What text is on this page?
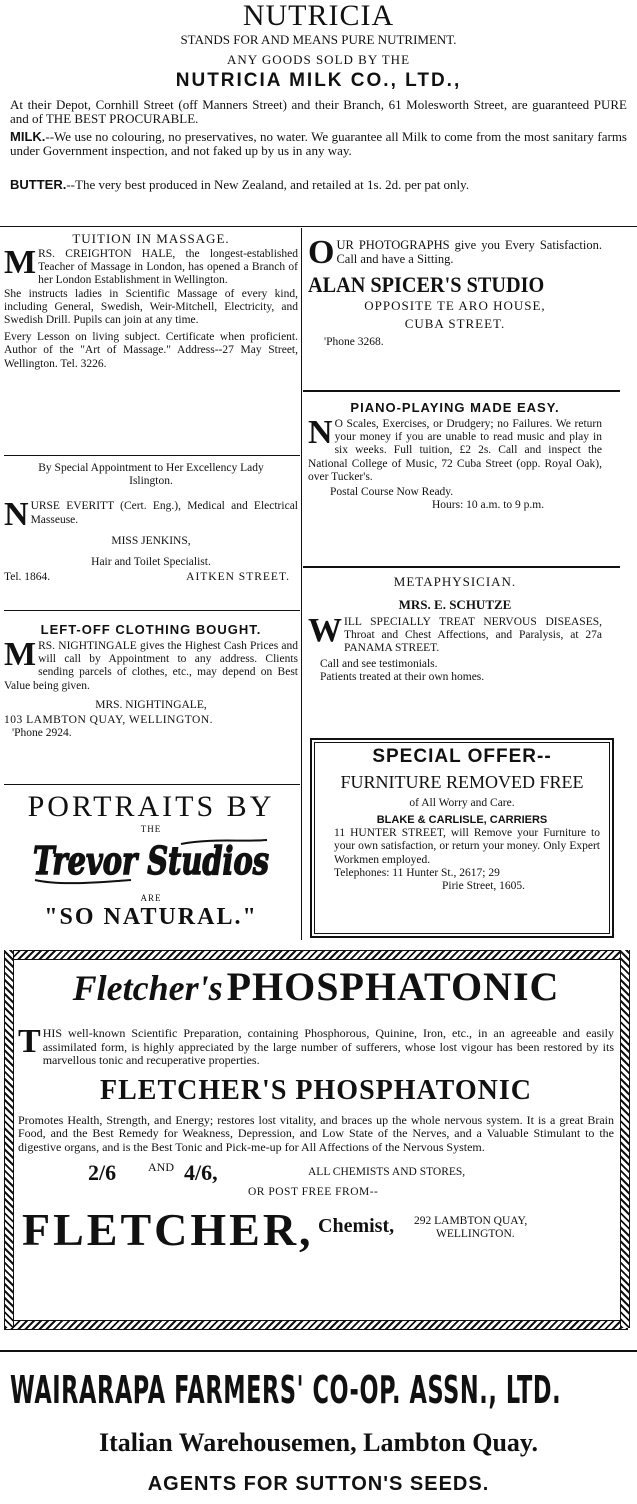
NUTRICIA
STANDS FOR AND MEANS PURE NUTRIMENT.
ANY GOODS SOLD BY THE
NUTRICIA MILK CO., LTD.,

At their Depot, Cornhill Street (off Manners Street) and their Branch, 61 Molesworth Street, are guaranteed PURE and of THE BEST PROCURABLE.

MILK.--We use no colouring, no preservatives, no water. We guarantee all Milk to come from the most sanitary farms under Government inspection, and not faked up by us in any way.

BUTTER.--The very best produced in New Zealand, and retailed at 1s. 2d. per pat only.

TUITION IN MASSAGE.

MRS. CREIGHTON HALE, the longest-established Teacher of Massage in London, has opened a Branch of her London Establishment in Wellington.

She instructs ladies in Scientific Massage of every kind, including General, Swedish, Weir-Mitchell, Electricity, and Swedish Drill. Pupils can join at any time.

Every Lesson on living subject. Certificate when proficient. Author of the "Art of Massage." Address--27 May Street, Wellington. Tel. 3226.

By Special Appointment to Her Excellency Lady Islington.

NURSE EVERITT (Cert. Eng.), Medical and Electrical Masseuse.

MISS JENKINS,
Hair and Toilet Specialist.
Tel. 1864.	AITKEN STREET.
LEFT-OFF CLOTHING BOUGHT.

MRS. NIGHTINGALE gives the Highest Cash Prices and will call by Appointment to any address. Clients sending parcels of clothes, etc., may depend on Best Value being given.

MRS. NIGHTINGALE,
103 LAMBTON QUAY, WELLINGTON.
'Phone 2924.
PORTRAITS BY
THE
Trevor Studios
ARE
"SO NATURAL."

OUR PHOTOGRAPHS give you Every Satisfaction. Call and have a Sitting.

ALAN SPICER'S STUDIO
OPPOSITE TE ARO HOUSE,
CUBA STREET.
'Phone 3268.
PIANO-PLAYING MADE EASY.

N O Scales, Exercises, or Drudgery; no Failures. We return your money if you are unable to read music and play in six weeks. Full tuition, £2 2s. Call and inspect the National College of Music, 72 Cuba Street (opp. Royal Oak), over Tucker's.

Postal Course Now Ready.
Hours: 10 a.m. to 9 p.m.
METAPHYSICIAN.
MRS. E. SCHUTZE

WILL SPECIALLY TREAT NERVOUS DISEASES, Throat and Chest Affections, and Paralysis, at 27a PANAMA STREET.

Call and see testimonials.
Patients treated at their own homes.
SPECIAL OFFER--
FURNITURE REMOVED FREE
of All Worry and Care.
BLAKE & CARLISLE, CARRIERS

11 HUNTER STREET, will Remove your Furniture to your own satisfaction, or return your money. Only Expert Workmen employed.

Telephones: 11 Hunter St., 2617; 29
Pirie Street, 1605.
Fletcher's PHOSPHATONIC

THIS well-known Scientific Preparation, containing Phosphorous, Quinine, Iron, etc., in an agreeable and easily assimilated form, is highly appreciated by the large number of sufferers, whose lost vigour has been restored by its marvellous tonic and recuperative properties.

FLETCHER'S PHOSPHATONIC

Promotes Health, Strength, and Energy; restores lost vitality, and braces up the whole nervous system. It is a great Brain Food, and the Best Remedy for Weakness, Depression, and Low State of the Nerves, and a Valuable Stimulant to the digestive organs, and is the Best Tonic and Pick-me-up for All Affections of the Nervous System.

2/6	AND 4/6,	ALL CHEMISTS AND STORES,
OR POST FREE FROM--
FLETCHER, Chemist, 292 LAMBTON QUAY,
WELLINGTON.
WAIRARAPA FARMERS' CO-OP. ASSN., LTD.
Italian Warehousemen, Lambton Quay.
AGENTS FOR SUTTON'S SEEDS.
